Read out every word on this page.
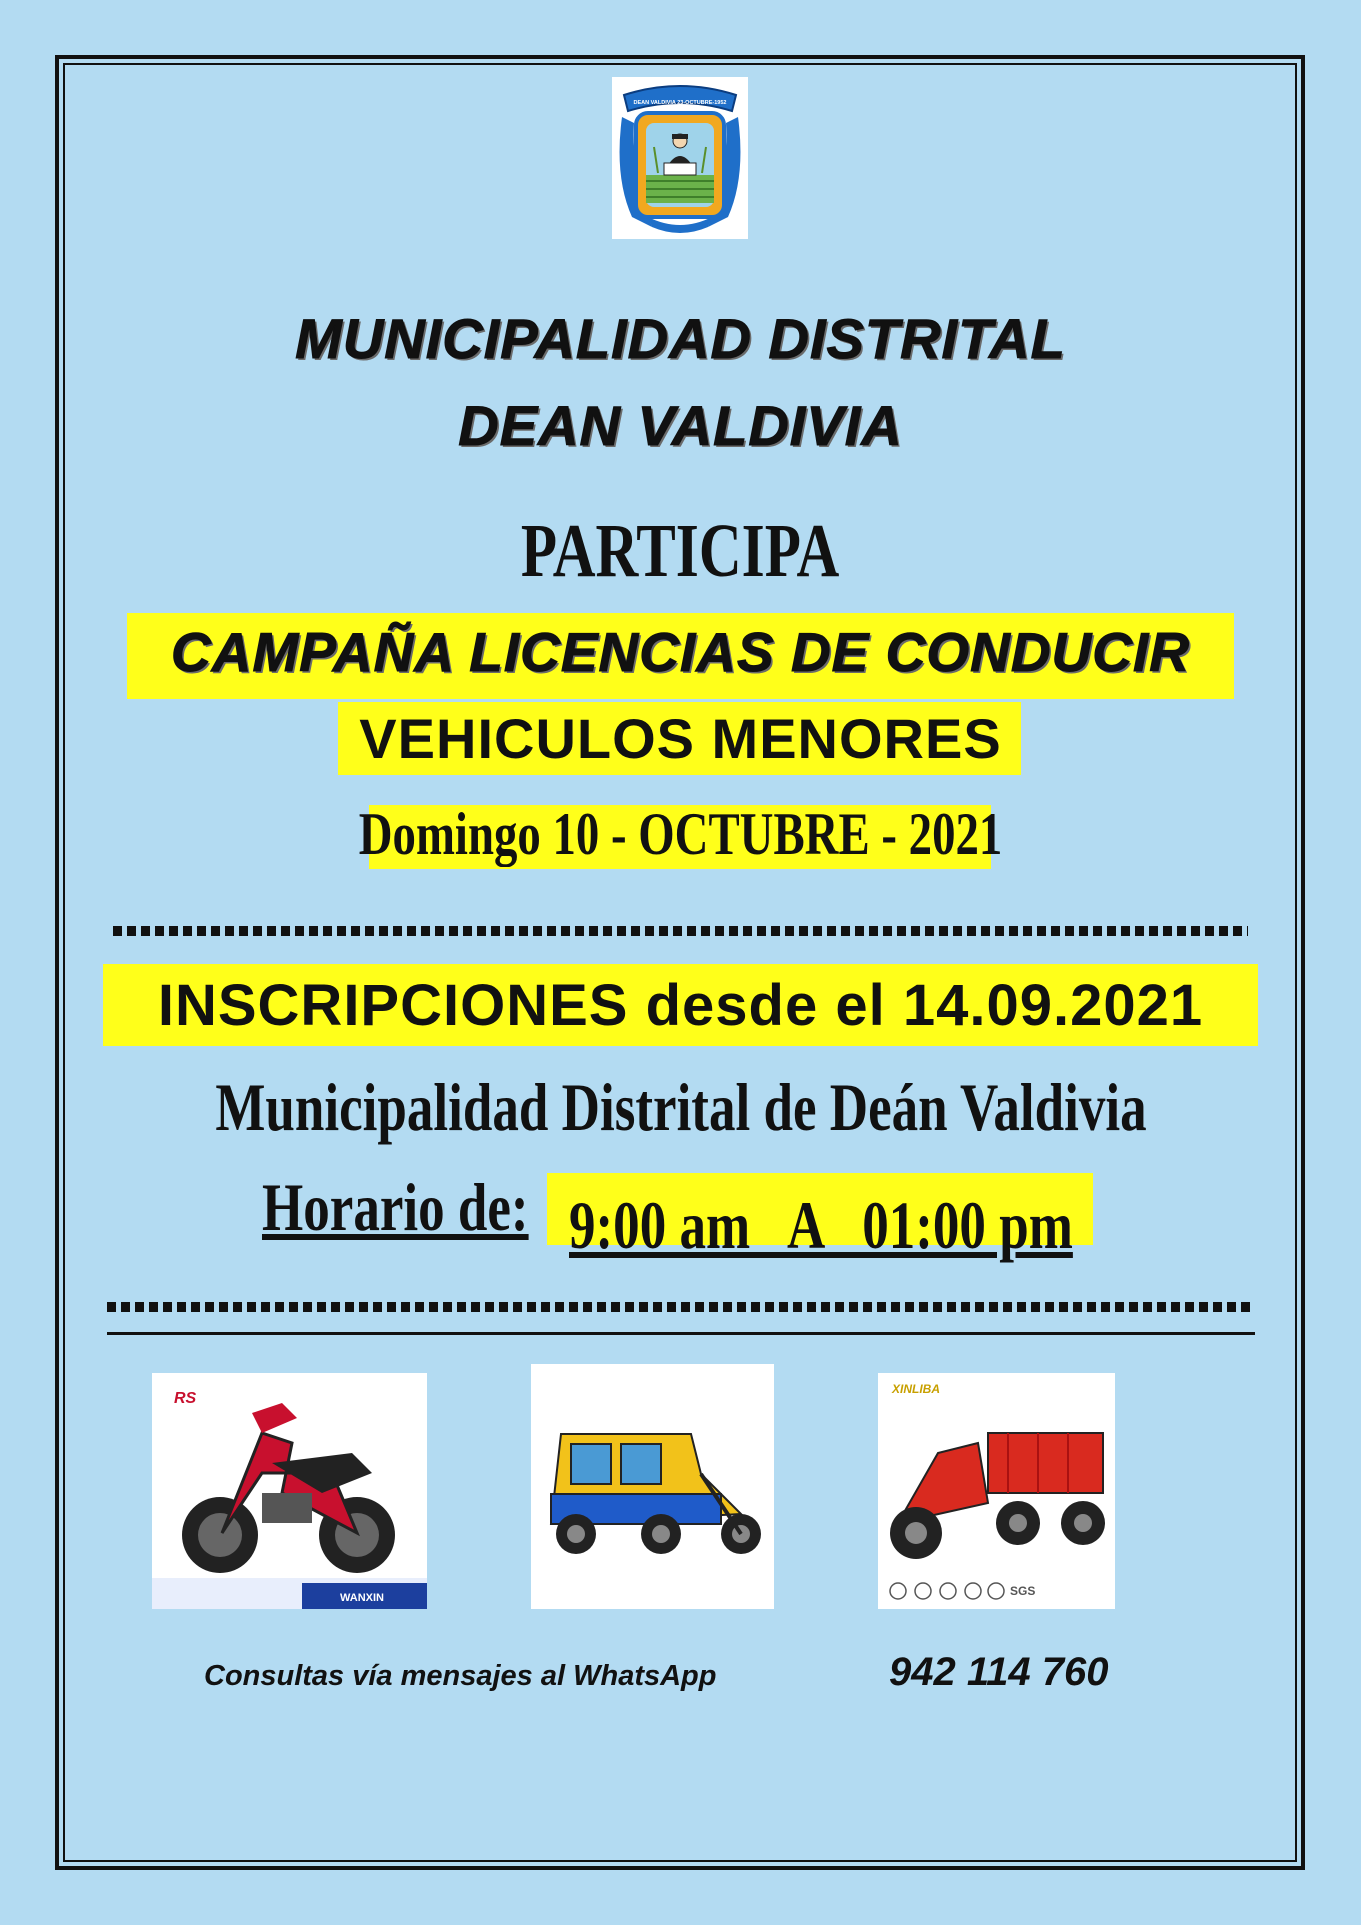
DEAN VALDIVIA 23-OCTUBRE-1952
MUNICIPALIDAD DISTRITAL
DEAN VALDIVIA
PARTICIPA
CAMPAÑA LICENCIAS DE CONDUCIR
VEHICULOS MENORES
Domingo 10 - OCTUBRE - 2021
INSCRIPCIONES desde el 14.09.2021
Municipalidad Distrital de Deán Valdivia
Horario de: 9:00 am   A   01:00 pm

WANXIN
RS
XINLIBA
SGS
Consultas vía mensajes al WhatsApp	942 114 760
